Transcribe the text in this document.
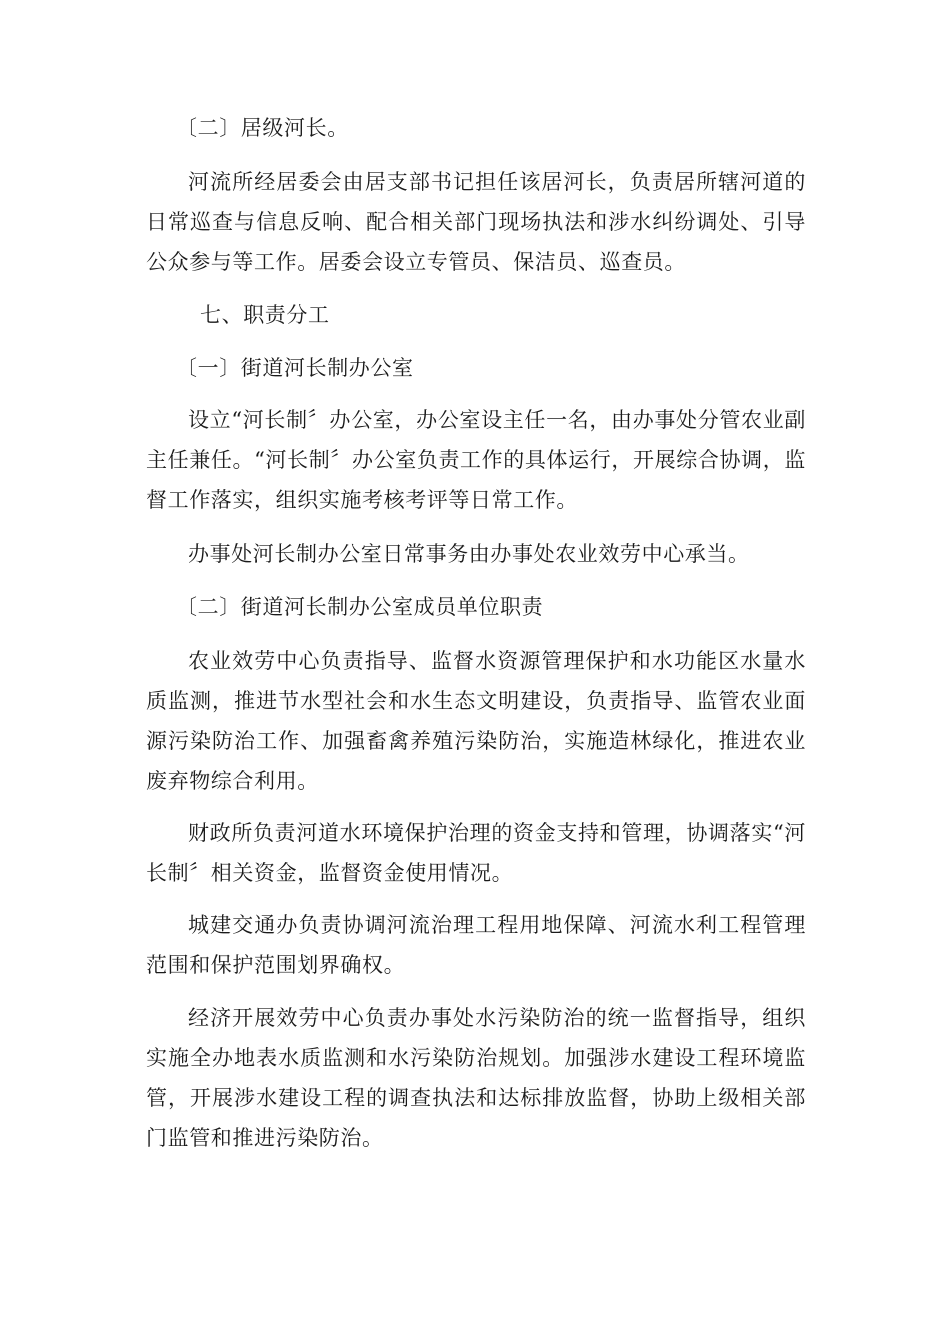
〔二〕居级河长。
河流所经居委会由居支部书记担任该居河长，负责居所辖河道的日常巡查与信息反响、配合相关部门现场执法和涉水纠纷调处、引导公众参与等工作。居委会设立专管员、保洁员、巡查员。
七、职责分工
〔一〕街道河长制办公室
设立“河长制〞办公室，办公室设主任一名，由办事处分管农业副主任兼任。“河长制〞办公室负责工作的具体运行，开展综合协调，监督工作落实，组织实施考核考评等日常工作。
办事处河长制办公室日常事务由办事处农业效劳中心承当。
〔二〕街道河长制办公室成员单位职责
农业效劳中心负责指导、监督水资源管理保护和水功能区水量水质监测，推进节水型社会和水生态文明建设，负责指导、监管农业面源污染防治工作、加强畜禽养殖污染防治，实施造林绿化，推进农业废弃物综合利用。
财政所负责河道水环境保护治理的资金支持和管理，协调落实“河长制〞相关资金，监督资金使用情况。
城建交通办负责协调河流治理工程用地保障、河流水利工程管理范围和保护范围划界确权。
经济开展效劳中心负责办事处水污染防治的统一监督指导，组织实施全办地表水质监测和水污染防治规划。加强涉水建设工程环境监管，开展涉水建设工程的调查执法和达标排放监督，协助上级相关部门监管和推进污染防治。
